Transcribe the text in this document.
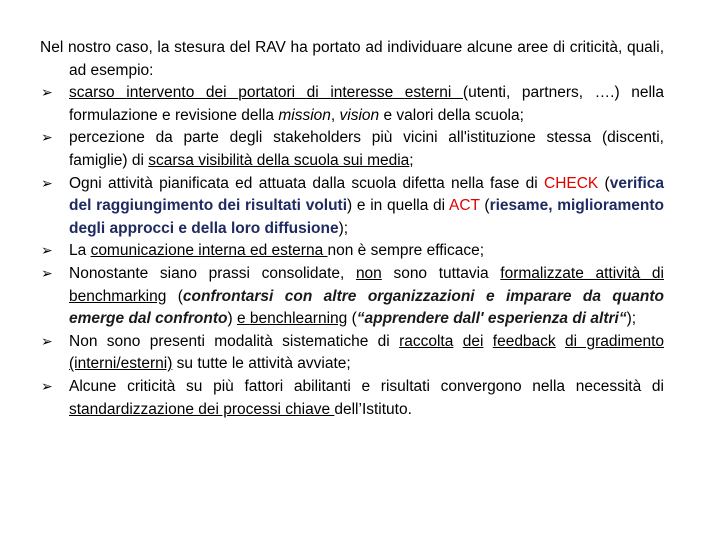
Nel nostro caso, la stesura del RAV ha portato ad individuare alcune aree di criticità, quali, ad esempio:

➢ scarso intervento dei portatori di interesse esterni (utenti, partners, ….) nella formulazione e revisione della mission, vision e valori della scuola;
➢ percezione da parte degli stakeholders più vicini all'istituzione stessa (discenti, famiglie) di scarsa visibilità della scuola sui media;
➢ Ogni attività pianificata ed attuata dalla scuola difetta nella fase di CHECK (verifica del raggiungimento dei risultati voluti) e in quella di ACT (riesame, miglioramento degli approcci e della loro diffusione);
➢ La comunicazione interna ed esterna non è sempre efficace;
➢ Nonostante siano prassi consolidate, non sono tuttavia formalizzate attività di benchmarking (confrontarsi con altre organizzazioni e imparare da quanto emerge dal confronto) e benchlearning (“apprendere dall' esperienza di altri“);
➢ Non sono presenti modalità sistematiche di raccolta dei feedback di gradimento (interni/esterni) su tutte le attività avviate;
➢ Alcune criticità su più fattori abilitanti e risultati convergono nella necessità di standardizzazione dei processi chiave dell’Istituto.
